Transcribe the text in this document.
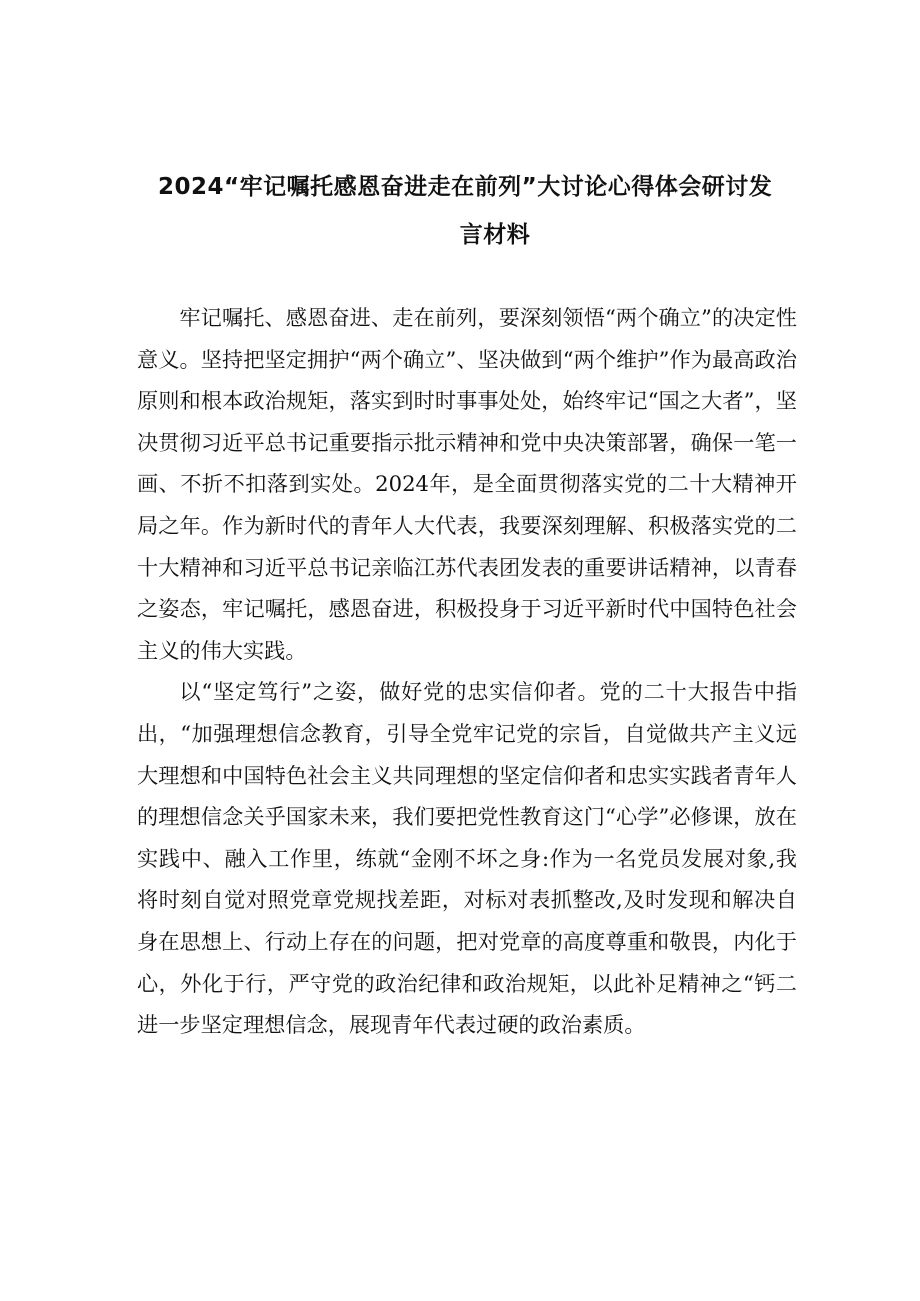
2024“牢记嘱托感恩奋进走在前列”大讨论心得体会研讨发
言材料

牢记嘱托、感恩奋进、走在前列，要深刻领悟“两个确立”的决定性意义。坚持把坚定拥护“两个确立”、坚决做到“两个维护”作为最高政治原则和根本政治规矩，落实到时时事事处处，始终牢记“国之大者”，坚决贯彻习近平总书记重要指示批示精神和党中央决策部署，确保一笔一画、不折不扣落到实处。2024年，是全面贯彻落实党的二十大精神开局之年。作为新时代的青年人大代表，我要深刻理解、积极落实党的二十大精神和习近平总书记亲临江苏代表团发表的重要讲话精神，以青春之姿态，牢记嘱托，感恩奋进，积极投身于习近平新时代中国特色社会主义的伟大实践。

以“坚定笃行”之姿，做好党的忠实信仰者。党的二十大报告中指出，“加强理想信念教育，引导全党牢记党的宗旨，自觉做共产主义远大理想和中国特色社会主义共同理想的坚定信仰者和忠实实践者青年人的理想信念关乎国家未来，我们要把党性教育这门“心学”必修课，放在实践中、融入工作里，练就“金刚不坏之身:作为一名党员发展对象,我将时刻自觉对照党章党规找差距，对标对表抓整改,及时发现和解决自身在思想上、行动上存在的问题，把对党章的高度尊重和敬畏，内化于心，外化于行，严守党的政治纪律和政治规矩，以此补足精神之“钙二进一步坚定理想信念，展现青年代表过硬的政治素质。
